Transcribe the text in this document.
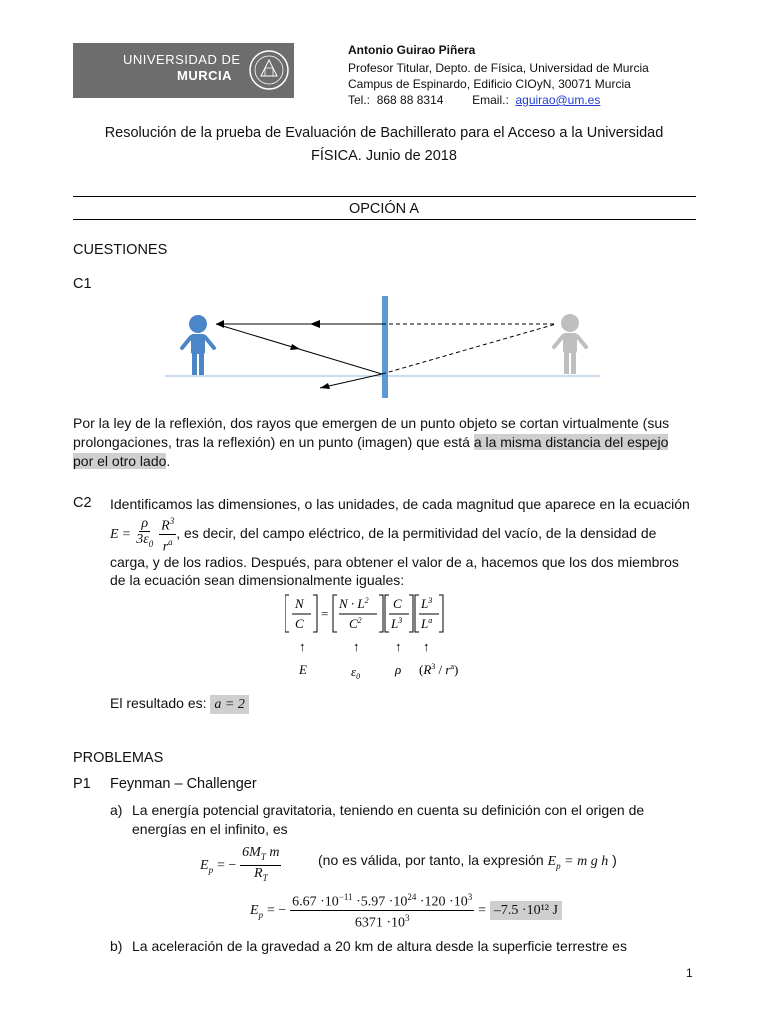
UNIVERSIDAD DE
MURCIA
Antonio Guirao Piñera
Profesor Titular, Depto. de Física, Universidad de Murcia
Campus de Espinardo, Edificio CIOyN, 30071 Murcia
Tel.: 868 88 8314 Email.: aguirao@um.es
Resolución de la prueba de Evaluación de Bachillerato para el Acceso a la Universidad
FÍSICA. Junio de 2018
OPCIÓN A
CUESTIONES
C1
Por la ley de la reflexión, dos rayos que emergen de un punto objeto se cortan virtualmente (sus
prolongaciones, tras la reflexión) en un punto (imagen) que está a la misma distancia del espejo
por el otro lado.
C2 Identificamos las dimensiones, o las unidades, de cada magnitud que aparece en la ecuación
$E = \frac{\rho}{3\varepsilon_0}$
$\frac{R^3}{r^a}$ , es decir, del campo eléctrico, de la permitividad del vacío, de la densidad de
carga, y de los radios. Después, para obtener el valor de a, hacemos que los dos miembros
de la ecuación sean dimensionalmente iguales:
N
C
=
$N \cdot L^2$
$C^2$
C
$L^3$
$L^3$
$L^a$
↑	↑	↑ ↑
E	$\varepsilon_0$	ρ $(R^3 / r^a)$
El resultado es: a = 2
PROBLEMAS
P1 Feynman – Challenger
a) La energía potencial gravitatoria, teniendo en cuenta su definición con el origen de
energías en el infinito, es
$E_p$ = − $\frac{6M_T m}{R_T}$	(no es válida, por tanto, la expresión $E_p = m$ g h )
$E_p$ = − $\frac{6.67 \cdot 10^{-11} \cdot 5.97 \cdot 10^{24} \cdot 120 \cdot 10^3}{6371 \cdot 10^3} = -7.5 \cdot 10^{12}$ J
b) La aceleración de la gravedad a 20 km de altura desde la superficie terrestre es
1
